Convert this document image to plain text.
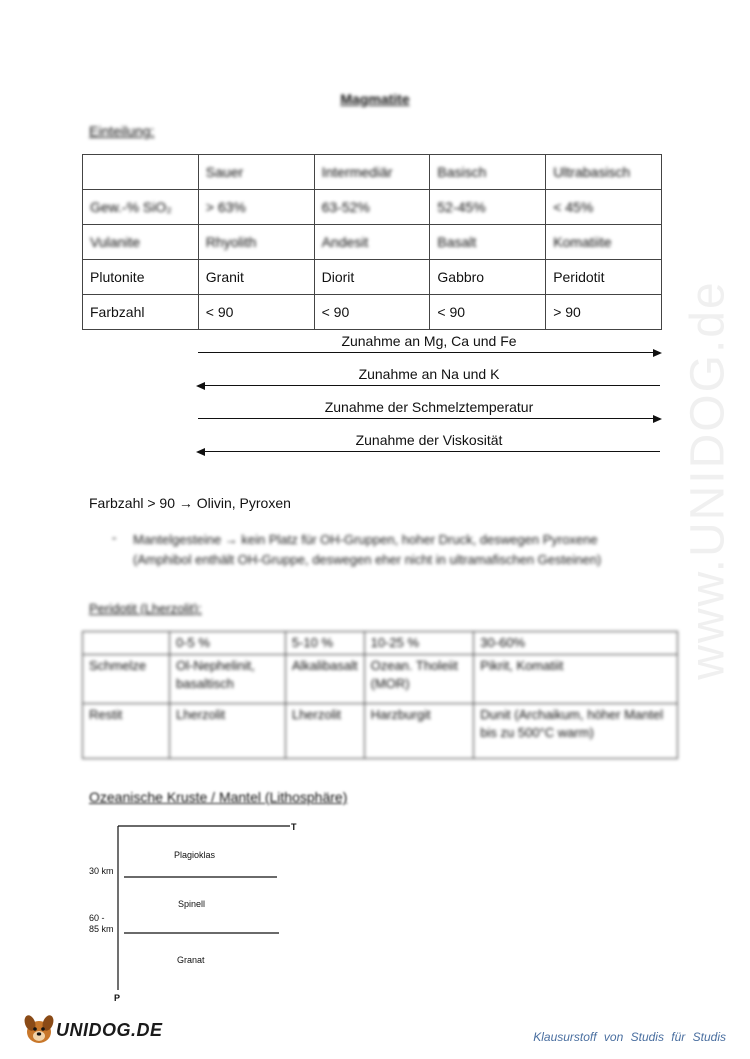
www.UNIDOG.de
Magmatite
Einteilung:
	Sauer	Intermediär	Basisch	Ultrabasisch
Gew.-% SiO₂	> 63%	63-52%	52-45%	< 45%
Vulanite	Rhyolith	Andesit	Basalt	Komatiite
Plutonite	Granit	Diorit	Gabbro	Peridotit
Farbzahl	< 90	< 90	< 90	> 90
Zunahme an Mg, Ca und Fe
Zunahme an Na und K
Zunahme der Schmelztemperatur
Zunahme der Viskosität
Farbzahl > 90 → Olivin, Pyroxen
- Mantelgesteine → kein Platz für OH-Gruppen, hoher Druck, deswegen Pyroxene (Amphibol enthält OH-Gruppe, deswegen eher nicht in ultramafischen Gesteinen)
Peridotit (Lherzolit):
	0-5 %	5-10 %	10-25 %	30-60%
Schmelze	Ol-Nephelinit, basaltisch	Alkalibasalt	Ozean. Tholeiit (MOR)	Pikrit, Komatiit
Restit	Lherzolit	Lherzolit	Harzburgit	Dunit (Archaikum, höher Mantel bis zu 500°C warm)
Ozeanische Kruste / Mantel (Lithosphäre)
T
P
Plagioklas
Spinell
Granat
30 km
60 -
85 km
UNIDOG.DE	Klausurstoff von Studis für Studis
